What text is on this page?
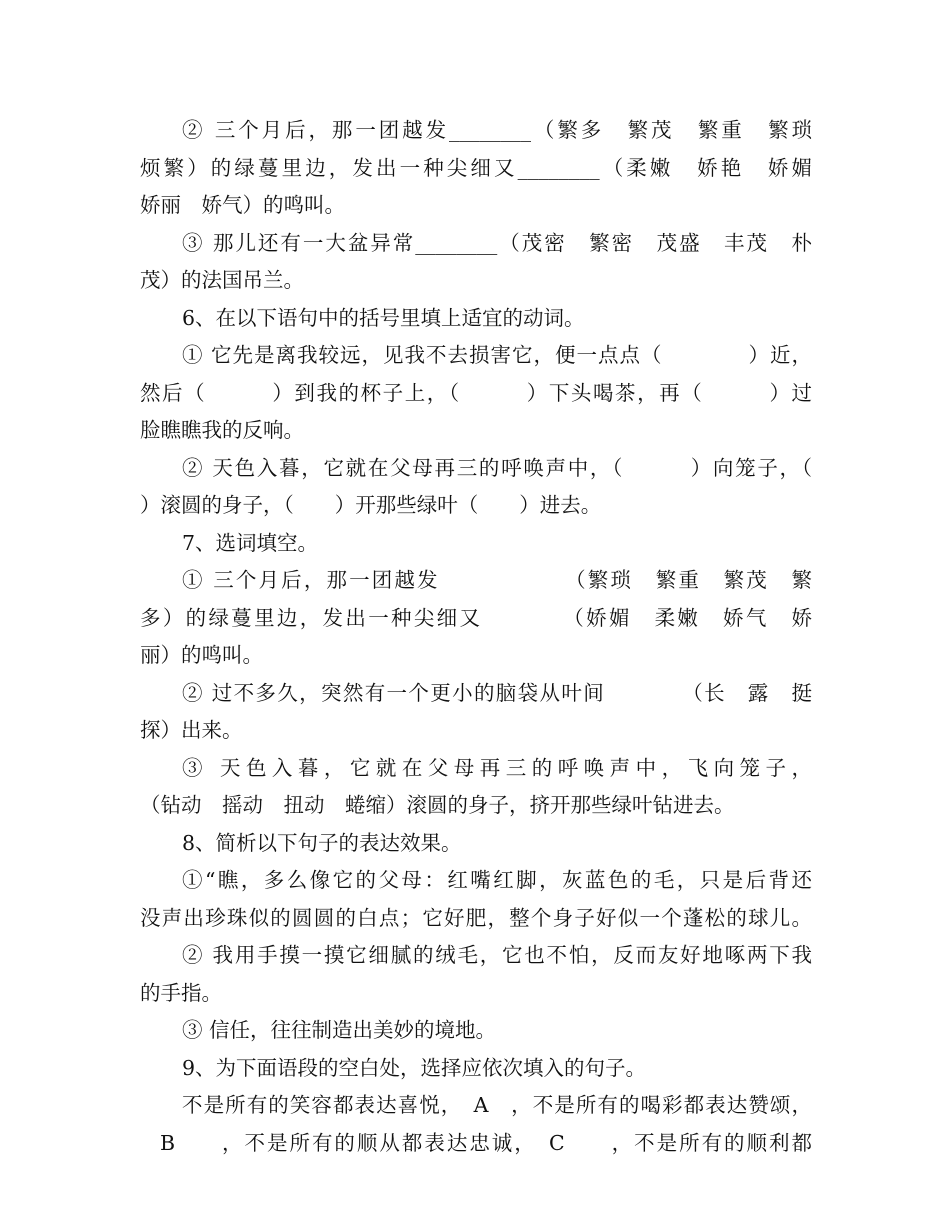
② 三个月后，那一团越发________（繁多　繁茂　繁重　繁琐
烦繁）的绿蔓里边，发出一种尖细又________（柔嫩　娇艳　娇媚
娇丽　娇气）的鸣叫。
③ 那儿还有一大盆异常________（茂密　繁密　茂盛　丰茂　朴
茂）的法国吊兰。
6、在以下语句中的括号里填上适宜的动词。
① 它先是离我较远，见我不去损害它，便一点点（　　　　）近，
然后（　　　）到我的杯子上，（　　　）下头喝茶，再（　　　）过
脸瞧瞧我的反响。
② 天色入暮，它就在父母再三的呼唤声中，（　　　）向笼子，（
）滚圆的身子，（　　）开那些绿叶（　　）进去。
7、选词填空。
① 三个月后，那一团越发　　　　　　（繁琐　繁重　繁茂　繁
多）的绿蔓里边，发出一种尖细又　　　　（娇媚　柔嫩　娇气　娇
丽）的鸣叫。
② 过不多久，突然有一个更小的脑袋从叶间　　　　（长　露　挺
探）出来。
③ 天色入暮，它就在父母再三的呼唤声中，飞向笼子，
（钻动　摇动　扭动　蜷缩）滚圆的身子，挤开那些绿叶钻进去。
8、简析以下句子的表达效果。
①“瞧，多么像它的父母：红嘴红脚，灰蓝色的毛，只是后背还
没声出珍珠似的圆圆的白点；它好肥，整个身子好似一个蓬松的球儿。
② 我用手摸一摸它细腻的绒毛，它也不怕，反而友好地啄两下我
的手指。
③ 信任，往往制造出美妙的境地。
9、为下面语段的空白处，选择应依次填入的句子。
不是所有的笑容都表达喜悦，　A　，不是所有的喝彩都表达赞颂，
B　　，不是所有的顺从都表达忠诚，　C　　，不是所有的顺利都
